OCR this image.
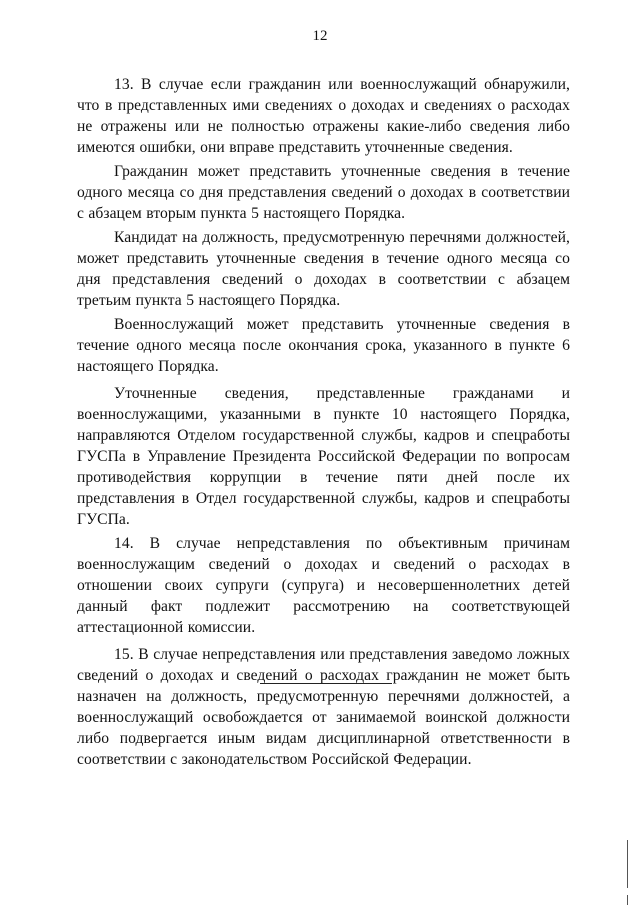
12

13. В случае если гражданин или военнослужащий обнаружили, что в представленных ими сведениях о доходах и сведениях о расходах не отражены или не полностью отражены какие-либо сведения либо имеются ошибки, они вправе представить уточненные сведения.

Гражданин может представить уточненные сведения в течение одного месяца со дня представления сведений о доходах в соответствии с абзацем вторым пункта 5 настоящего Порядка.

Кандидат на должность, предусмотренную перечнями должностей, может представить уточненные сведения в течение одного месяца со дня представления сведений о доходах в соответствии с абзацем третьим пункта 5 настоящего Порядка.

Военнослужащий может представить уточненные сведения в течение одного месяца после окончания срока, указанного в пункте 6 настоящего Порядка.

Уточненные сведения, представленные гражданами и военнослужащими, указанными в пункте 10 настоящего Порядка, направляются Отделом государственной службы, кадров и спецработы ГУСПа в Управление Президента Российской Федерации по вопросам противодействия коррупции в течение пяти дней после их представления в Отдел государственной службы, кадров и спецработы ГУСПа.

14. В случае непредставления по объективным причинам военнослужащим сведений о доходах и сведений о расходах в отношении своих супруги (супруга) и несовершеннолетних детей данный факт подлежит рассмотрению на соответствующей аттестационной комиссии.

15. В случае непредставления или представления заведомо ложных сведений о доходах и сведений о расходах гражданин не может быть назначен на должность, предусмотренную перечнями должностей, а военнослужащий освобождается от занимаемой воинской должности либо подвергается иным видам дисциплинарной ответственности в соответствии с законодательством Российской Федерации.
